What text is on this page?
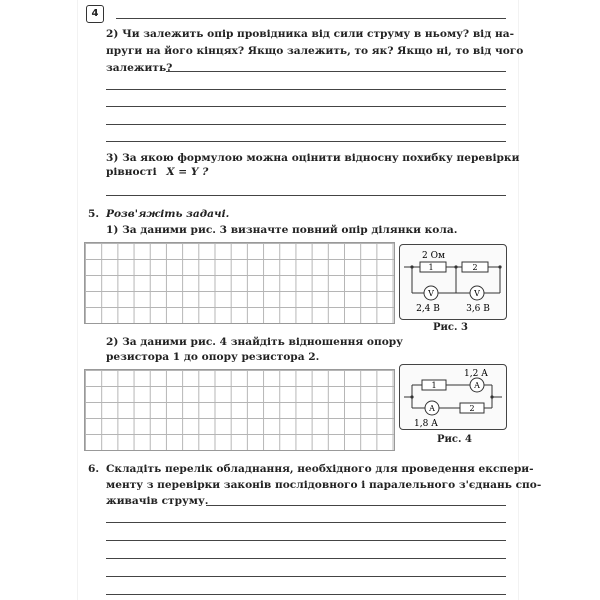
4
2) Чи залежить опір провідника від сили струму в ньому? від на-
пруги на його кінцях? Якщо залежить, то як? Якщо ні, то від чого
залежить?
3) За якою формулою можна оцінити відносну похибку перевірки
рівності X = Y ?
5. Розв'яжіть задачі.
1) За даними рис. 3 визначте повний опір ділянки кола.
2 Ом
1	2
V	V
2,4 В	3,6 В
Рис. 3
2) За даними рис. 4 знайдіть відношення опору
резистора 1 до опору резистора 2.
1,2 А
1
2
A
A
1,8 А
Рис. 4
6. Складіть перелік обладнання, необхідного для проведення експери-
менту з перевірки законів послідовного і паралельного з'єднань спо-
живачів струму.
